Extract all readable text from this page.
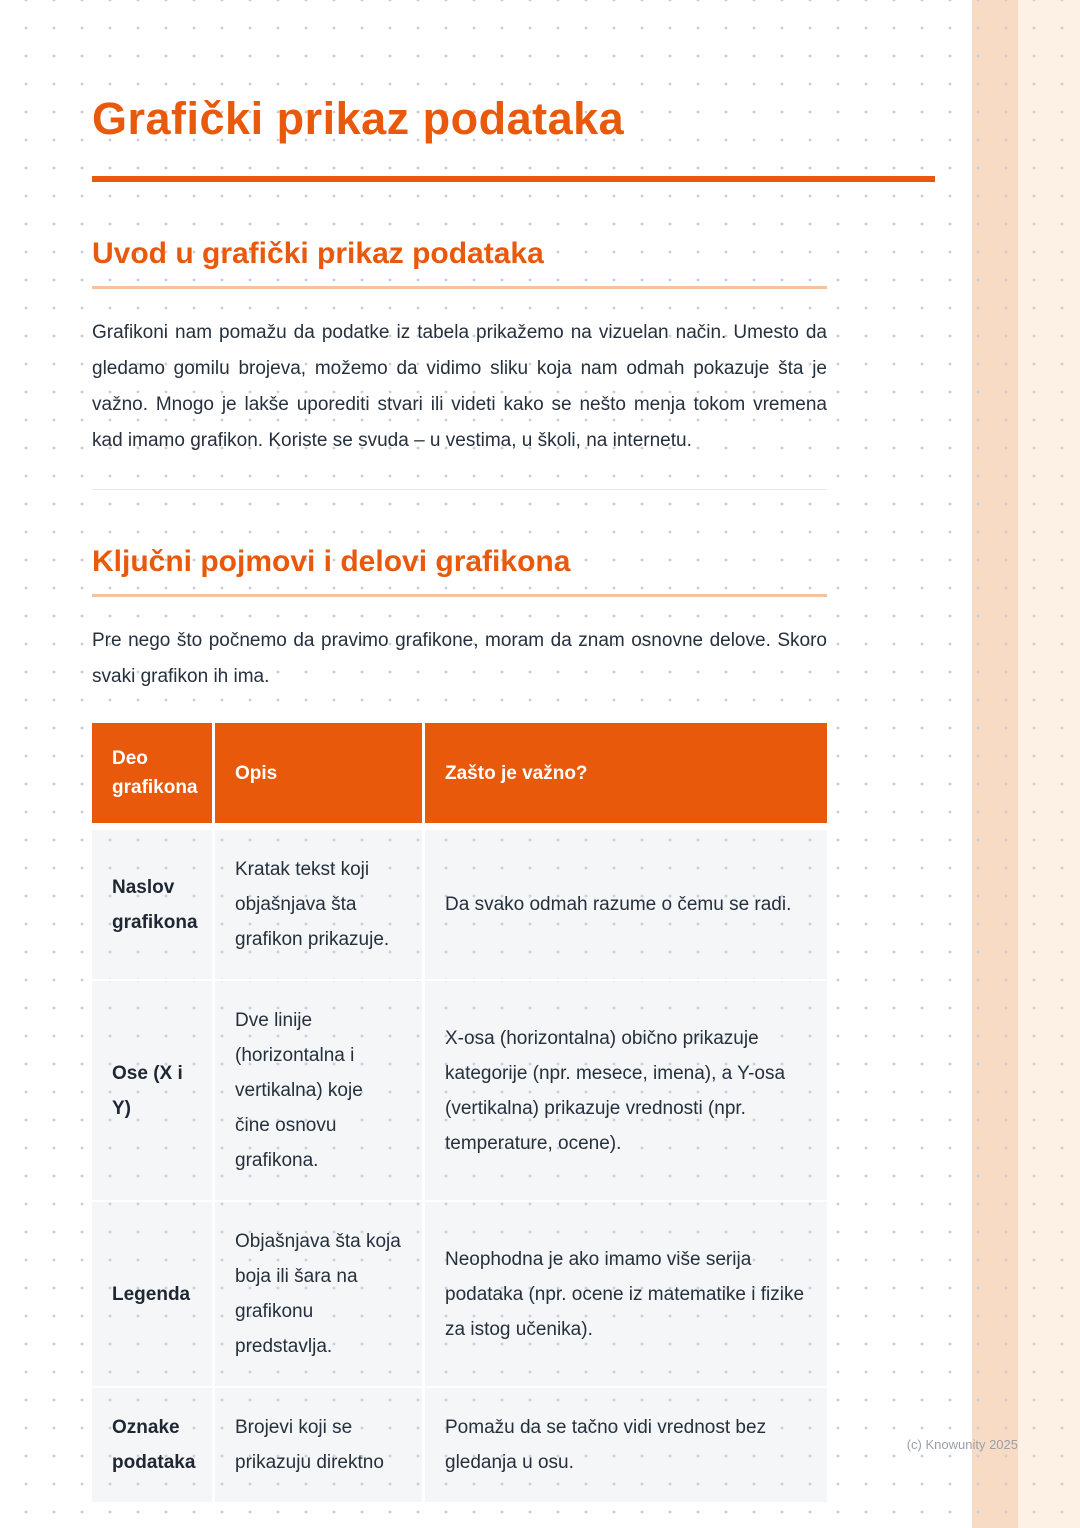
Grafički prikaz podataka
Uvod u grafički prikaz podataka

Grafikoni nam pomažu da podatke iz tabela prikažemo na vizuelan način. Umesto da gledamo gomilu brojeva, možemo da vidimo sliku koja nam odmah pokazuje šta je važno. Mnogo je lakše uporediti stvari ili videti kako se nešto menja tokom vremena kad imamo grafikon. Koriste se svuda – u vestima, u školi, na internetu.

Ključni pojmovi i delovi grafikona

Pre nego što počnemo da pravimo grafikone, moram da znam osnovne delove. Skoro svaki grafikon ih ima.

Deo grafikona	Opis	Zašto je važno?
Naslov grafikona	Kratak tekst koji objašnjava šta grafikon prikazuje.	Da svako odmah razume o čemu se radi.
Ose (X i Y)	Dve linije (horizontalna i vertikalna) koje čine osnovu grafikona.	X-osa (horizontalna) obično prikazuje kategorije (npr. mesece, imena), a Y-osa (vertikalna) prikazuje vrednosti (npr. temperature, ocene).
Legenda	Objašnjava šta koja boja ili šara na grafikonu predstavlja.	Neophodna je ako imamo više serija podataka (npr. ocene iz matematike i fizike za istog učenika).
Oznake podataka	Brojevi koji se prikazuju direktno	Pomažu da se tačno vidi vrednost bez gledanja u osu.
(c) Knowunity 2025
